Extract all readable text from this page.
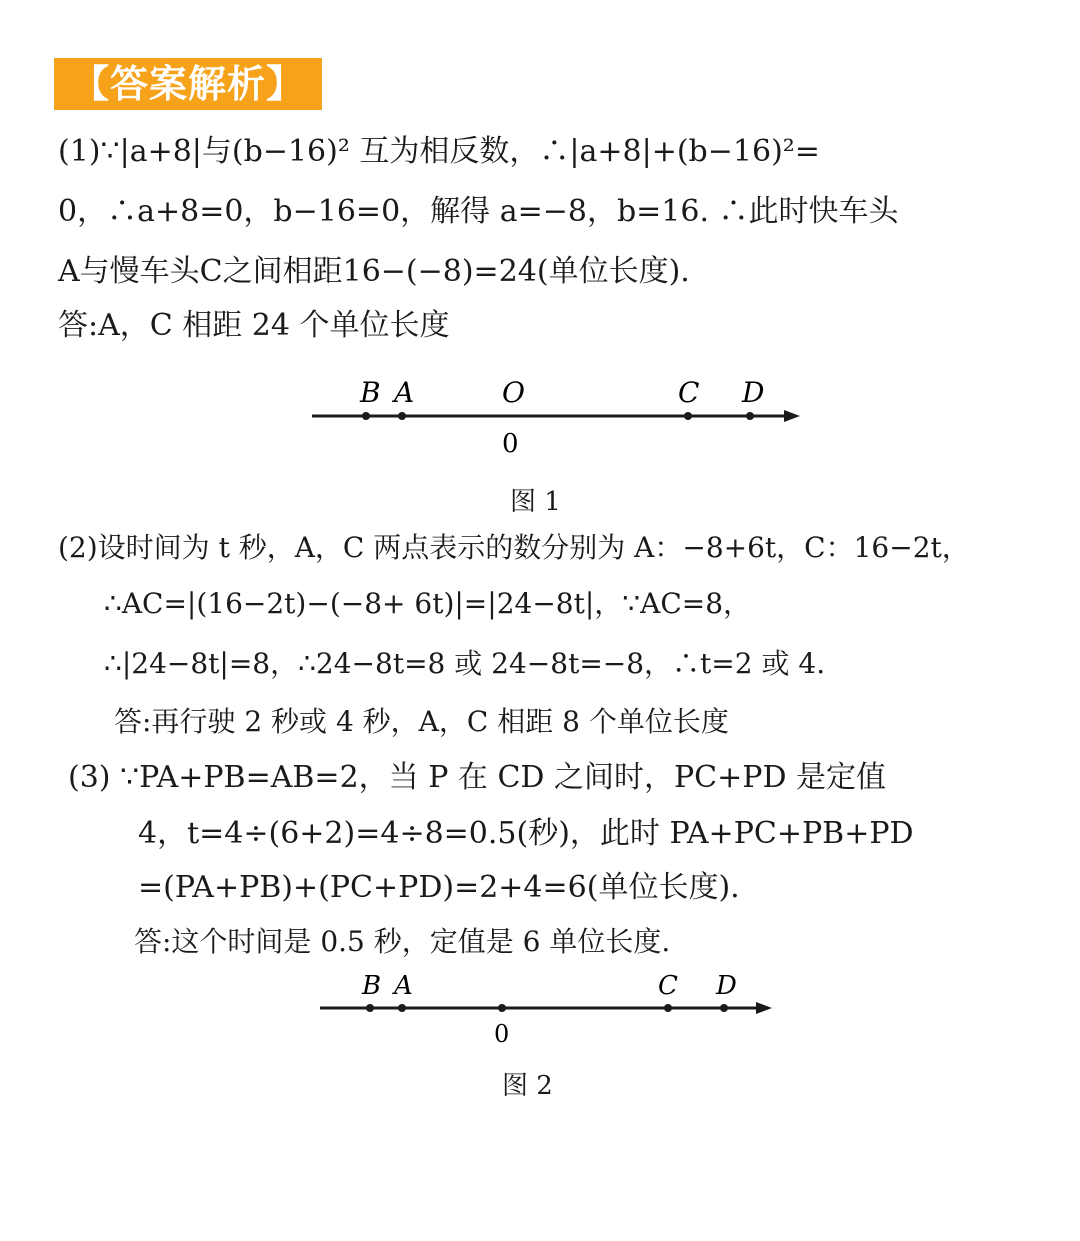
【答案解析】
(1)∵|a+8|与(b−16)² 互为相反数，∴|a+8|+(b−16)²=
0，∴a+8=0，b−16=0，解得 a=−8，b=16. ∴此时快车头
A与慢车头C之间相距16−(−8)=24(单位长度).
答:A，C 相距 24 个单位长度
B A	O	C D
0
图 1
(2)设时间为 t 秒，A，C 两点表示的数分别为 A：−8+6t，C：16−2t，
∴AC=|(16−2t)−(−8+ 6t)|=|24−8t|，∵AC=8，
∴|24−8t|=8，∴24−8t=8 或 24−8t=−8，∴t=2 或 4.
答:再行驶 2 秒或 4 秒，A，C 相距 8 个单位长度
(3) ∵PA+PB=AB=2，当 P 在 CD 之间时，PC+PD 是定值
4，t=4÷(6+2)=4÷8=0.5(秒)，此时 PA+PC+PB+PD
=(PA+PB)+(PC+PD)=2+4=6(单位长度).
答:这个时间是 0.5 秒，定值是 6 单位长度.
B A	C D
0
图 2
